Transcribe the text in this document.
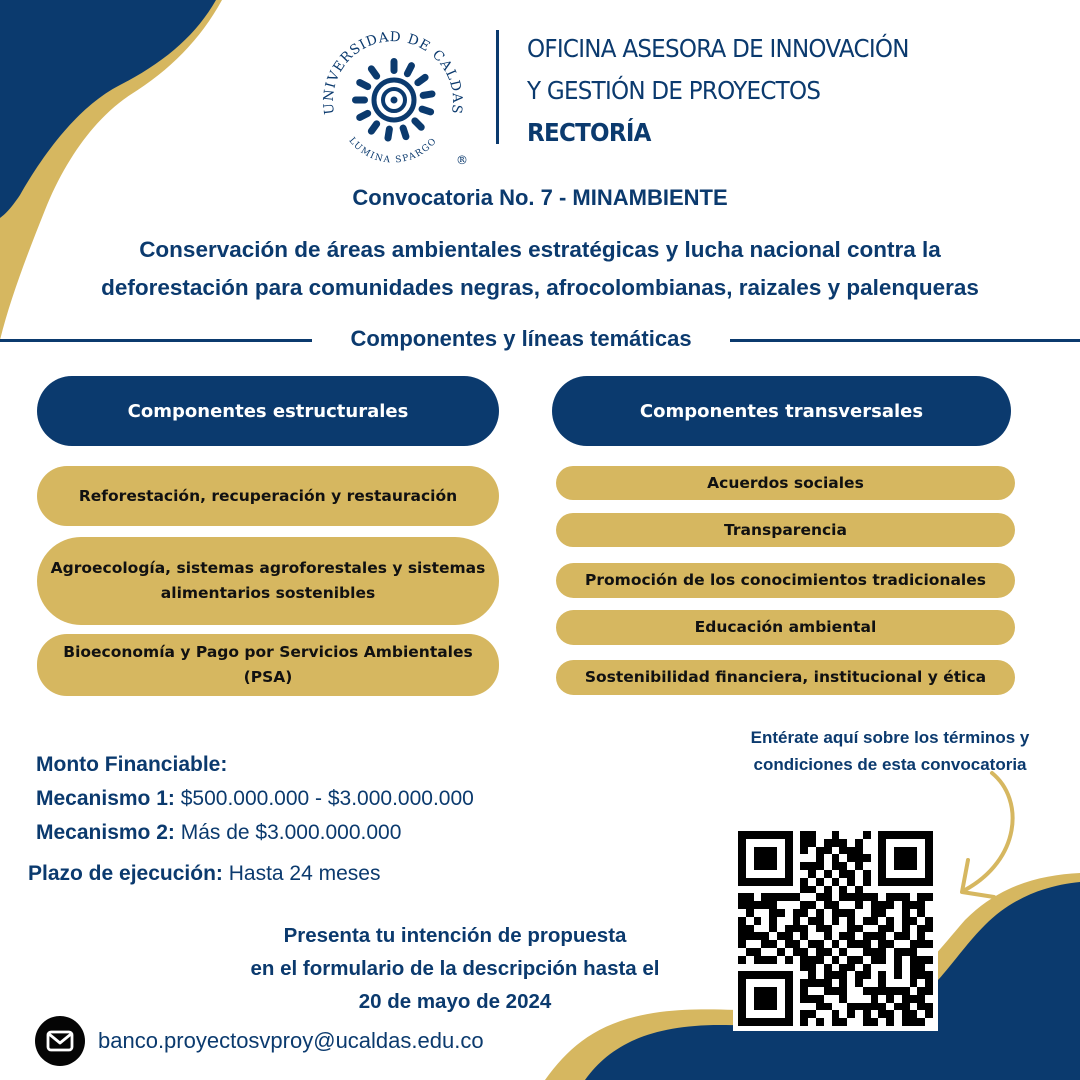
UNIVERSIDAD DE CALDAS
LUMINA SPARGO
®
OFICINA ASESORA DE INNOVACIÓN
Y GESTIÓN DE PROYECTOS
RECTORÍA
Convocatoria No. 7 - MINAMBIENTE
Conservación de áreas ambientales estratégicas y lucha nacional contra la
deforestación para comunidades negras, afrocolombianas, raizales y palenqueras
Componentes y líneas temáticas
Componentes estructurales
Reforestación, recuperación y restauración
Agroecología, sistemas agroforestales y sistemas alimentarios sostenibles
Bioeconomía y Pago por Servicios Ambientales (PSA)
Componentes transversales
Acuerdos sociales
Transparencia
Promoción de los conocimientos tradicionales
Educación ambiental
Sostenibilidad financiera, institucional y ética
Monto Financiable:
Mecanismo 1: $500.000.000 - $3.000.000.000
Mecanismo 2: Más de $3.000.000.000
Plazo de ejecución: Hasta 24 meses
Presenta tu intención de propuesta
en el formulario de la descripción hasta el
20 de mayo de 2024
banco.proyectosvproy@ucaldas.edu.co
Entérate aquí sobre los términos y
condiciones de esta convocatoria
